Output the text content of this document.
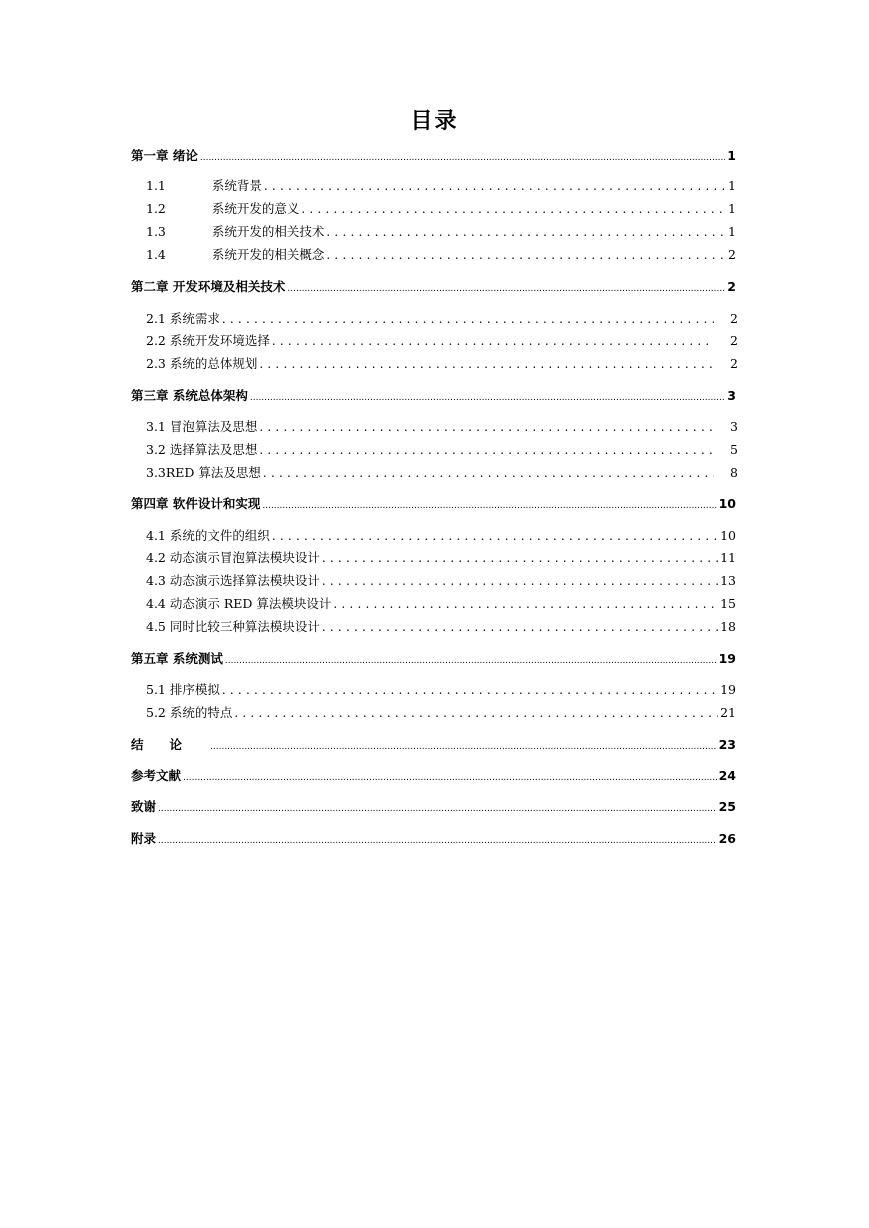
目录
第一章 绪论 .....	1
1.1	系统背景 . . .	1
1.2	系统开发的意义 . . .	1
1.3	系统开发的相关技术 . . .	1
1.4	系统开发的相关概念 . . .	2
第二章 开发环境及相关技术 .....	2
2.1 系统需求 . . .	2
2.2 系统开发环境选择 . . .	2
2.3 系统的总体规划 . . .	2
第三章 系统总体架构 .....	3
3.1 冒泡算法及思想 . . .	3
3.2 选择算法及思想 . . .	5
3.3RED 算法及思想 . . .	8
第四章 软件设计和实现 .....	10
4.1 系统的文件的组织 . . .	10
4.2 动态演示冒泡算法模块设计 . . .	11
4.3 动态演示选择算法模块设计 . . .	13
4.4 动态演示 RED 算法模块设计 . . .	15
4.5 同时比较三种算法模块设计 . . .	18
第五章 系统测试 .....	19
5.1 排序模拟 . . .	19
5.2 系统的特点 . . .	21
结论 .....	23
参考文献 .....	24
致谢 .....	25
附录 .....	26
